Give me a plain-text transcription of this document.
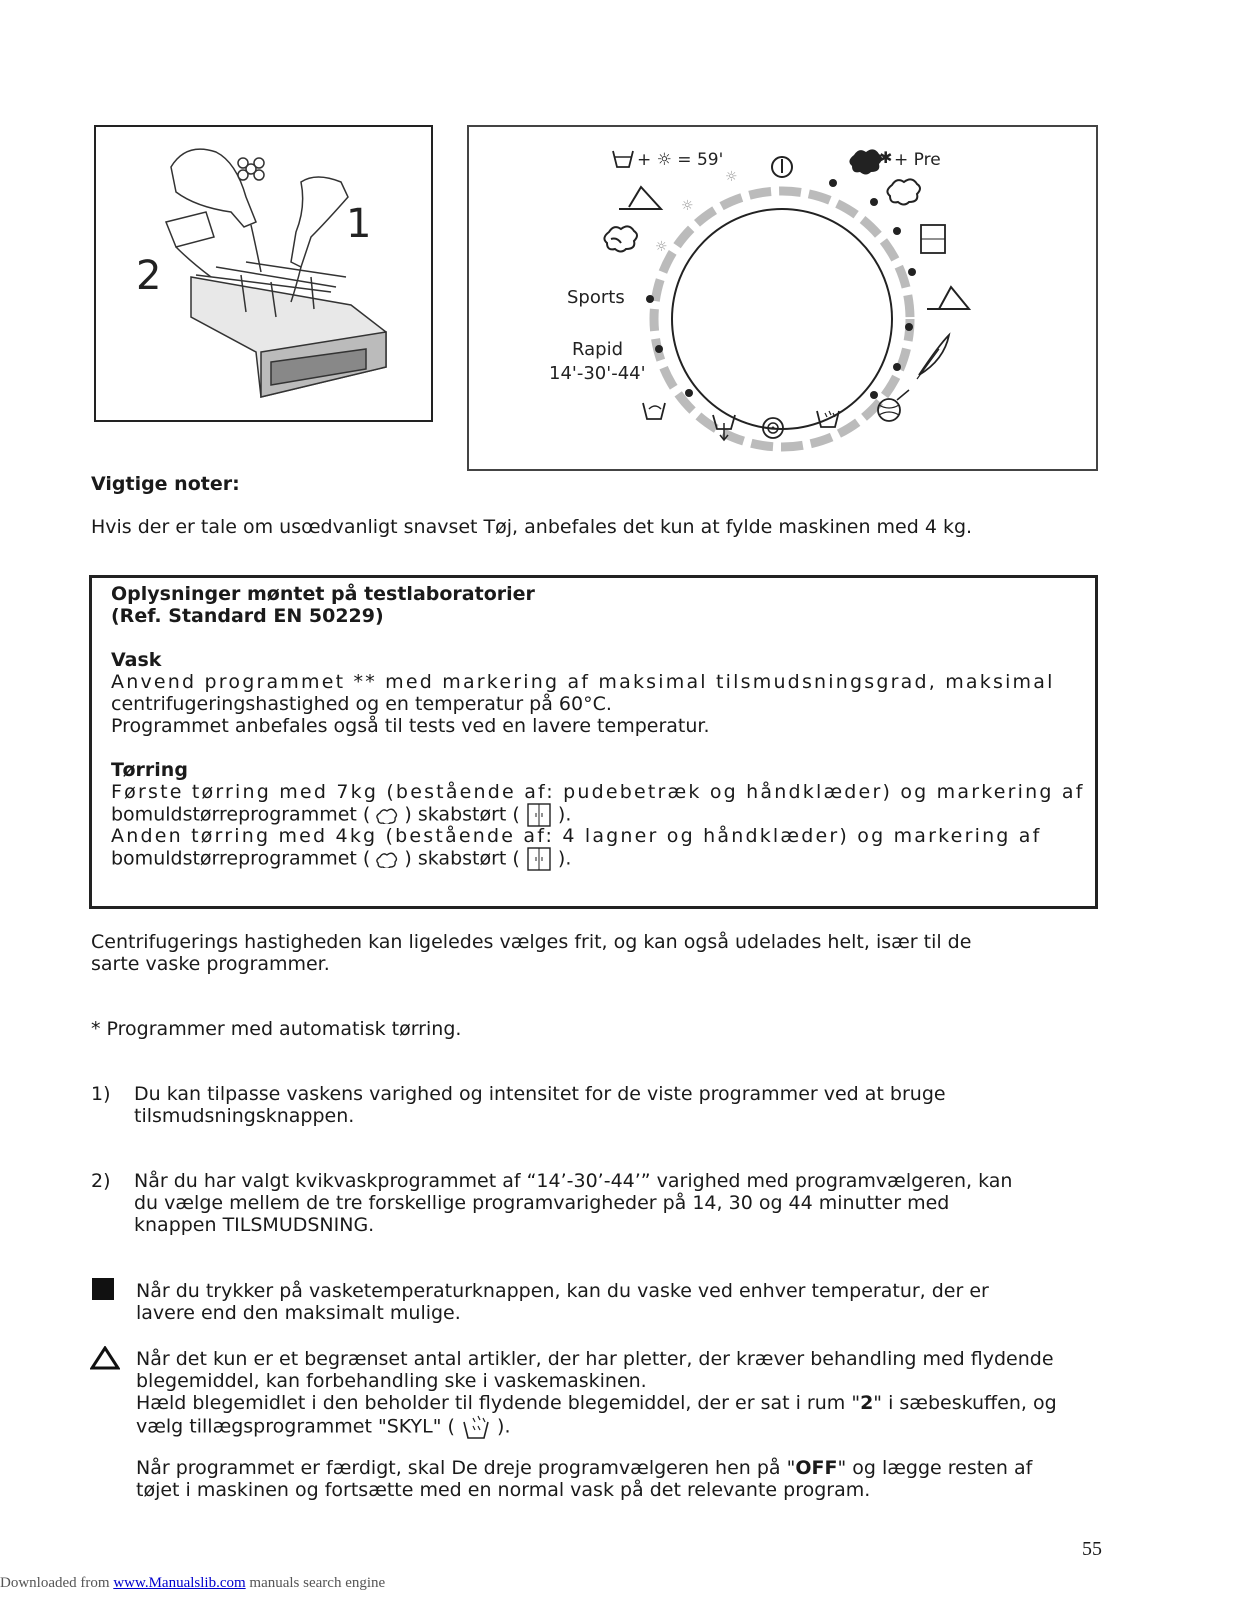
1
2
☼
☼
☼
+ ☼ = 59'	✱ + Pre
Sports
Rapid
14'-30'-44'
Vigtige noter:
Hvis der er tale om usœdvanligt snavset Tøj, anbefales det kun at fylde maskinen med 4 kg.
Oplysninger møntet på testlaboratorier
(Ref. Standard EN 50229)
Vask
Anvend programmet ** med markering af maksimal tilsmudsningsgrad, maksimal
centrifugeringshastighed og en temperatur på 60°C.
Programmet anbefales også til tests ved en lavere temperatur.
Tørring
Første tørring med 7kg (bestående af: pudebetræk og håndklæder) og markering af
bomuldstørreprogrammet ( ) skabstørt ( ).
Anden tørring med 4kg (bestående af: 4 lagner og håndklæder) og markering af
bomuldstørreprogrammet ( ) skabstørt ( ).
Centrifugerings hastigheden kan ligeledes vælges frit, og kan også udelades helt, især til de
sarte vaske programmer.
* Programmer med automatisk tørring.
1) Du kan tilpasse vaskens varighed og intensitet for de viste programmer ved at bruge
tilsmudsningsknappen.
2) Når du har valgt kvikvaskprogrammet af “14’-30’-44’” varighed med programvælgeren, kan
du vælge mellem de tre forskellige programvarigheder på 14, 30 og 44 minutter med
knappen TILSMUDSNING.
Når du trykker på vasketemperaturknappen, kan du vaske ved enhver temperatur, der er
lavere end den maksimalt mulige.
Når det kun er et begrænset antal artikler, der har pletter, der kræver behandling med flydende
blegemiddel, kan forbehandling ske i vaskemaskinen.
Hæld blegemidlet i den beholder til flydende blegemiddel, der er sat i rum "2" i sæbeskuffen, og
vælg tillægsprogrammet "SKYL" ( ).
Når programmet er færdigt, skal De dreje programvælgeren hen på "OFF" og lægge resten af
tøjet i maskinen og fortsætte med en normal vask på det relevante program.
55
Downloaded from www.Manualslib.com manuals search engine
